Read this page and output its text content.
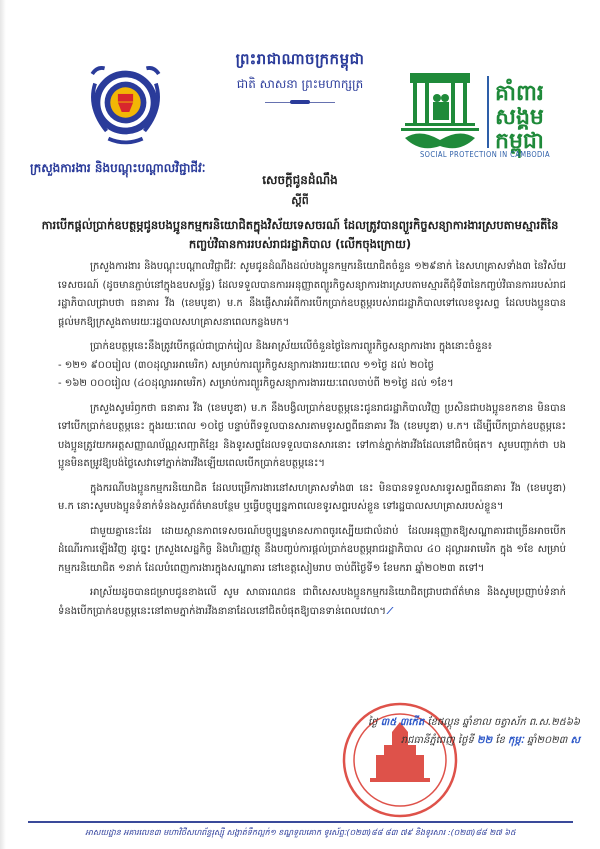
ព្រះរាជាណាចក្រកម្ពុជា
ជាតិ សាសនា ព្រះមហាក្សត្រ	គាំពារ
សង្គម
កម្ពុជា
SOCIAL PROTECTION IN CAMBODIA
ក្រសួងការងារ និងបណ្តុះបណ្តាលវិជ្ជាជីវៈ
សេចក្តីជូនដំណឹង
ស្តីពី
ការបើកផ្តល់ប្រាក់ឧបត្ថម្ភជូនបងប្អូនកម្មករនិយោជិតក្នុងវិស័យទេសចរណ៍ ដែលត្រូវបានព្យួរកិច្ចសន្យាការងារស្របតាមស្មារតីនៃកញ្ចប់វិធានការរបស់រាជរដ្ឋាភិបាល (លើកចុងក្រោយ)

ក្រសួងការងារ និងបណ្តុះបណ្តាលវិជ្ជាជីវៈ សូមជូនដំណឹងដល់បងប្អូនកម្មករនិយោជិតចំនួន ១២៩នាក់ នៃសហគ្រាសទាំង៣ នៃវិស័យទេសចរណ៍ (ដូចមានភ្ជាប់នៅក្នុងឧបសម្ព័ន្ធ) ដែលទទួលបានការអនុញ្ញាតព្យួរកិច្ចសន្យាការងារស្របតាមស្មារតីជុំទី៣នៃកញ្ចប់វិធានការរបស់រាជរដ្ឋាភិបាលជ្រាបថា ធនាគារ វីង (ខេមបូឌា) ម.ក នឹងផ្ញើសារអំពីការបើកប្រាក់ឧបត្ថម្ភរបស់រាជរដ្ឋាភិបាលទៅលេខទូរសព្ទ ដែលបងប្អូនបានផ្តល់មកឱ្យក្រសួងតាមរយៈរដ្ឋបាលសហគ្រាសនាពេលកន្លងមក។

ប្រាក់ឧបត្ថម្ភនេះនឹងត្រូវបើកផ្តល់ជាប្រាក់រៀល និងអាស្រ័យលើចំនួនថ្ងៃនៃការព្យួរកិច្ចសន្យាការងារ ក្នុងនោះចំនួន៖

- ១២១ ៩០០រៀល (៣០ដុល្លារអាមេរិក) សម្រាប់ការព្យួរកិច្ចសន្យាការងាររយៈពេល ១១ថ្ងៃ ដល់ ២០ថ្ងៃ
- ១៦២ ០០០រៀល (៤០ដុល្លារអាមេរិក) សម្រាប់ការព្យួរកិច្ចសន្យាការងាររយៈពេលចាប់ពី ២១ថ្ងៃ ដល់ ១ខែ។

ក្រសួងសូមរំឭកថា ធនាគារ វីង (ខេមបូឌា) ម.ក នឹងបង្វិលប្រាក់ឧបត្ថម្ភនេះជូនរាជរដ្ឋាភិបាលវិញ ប្រសិនជាបងប្អូនខកខាន មិនបានទៅបើកប្រាក់ឧបត្ថម្ភនេះ ក្នុងរយៈពេល ១០ថ្ងៃ បន្ទាប់ពីទទួលបានសារតាមទូរសព្ទពីធនាគារ វីង (ខេមបូឌា) ម.ក។ ដើម្បីបើកប្រាក់ឧបត្ថម្ភនេះ បងប្អូនត្រូវយកអត្តសញ្ញាណប័ណ្ណសញ្ជាតិខ្មែរ និងទូរសព្ទដែលទទួលបានសារនោះ ទៅកាន់ភ្នាក់ងារវីងដែលនៅជិតបំផុត។ សូមបញ្ជាក់ថា បងប្អូនមិនតម្រូវឱ្យបង់ថ្លៃសេវាទៅភ្នាក់ងារវីងឡើយពេលបើកប្រាក់ឧបត្ថម្ភនេះ។

ក្នុងករណីបងប្អូនកម្មករនិយោជិត ដែលបម្រើការងារនៅសហគ្រាសទាំង៣ នេះ មិនបានទទួលសារទូរសព្ទពីធនាគារ វីង (ខេមបូឌា) ម.ក នោះសូមបងប្អូនទំនាក់ទំនងសួរព័ត៌មានបន្ថែម ឬធ្វើបច្ចុប្បន្នភាពលេខទូរសព្ទរបស់ខ្លួន ទៅរដ្ឋបាលសហគ្រាសរបស់ខ្លួន។

ជាមួយគ្នានេះដែរ ដោយស្ថានភាពទេសចរណ៍បច្ចុប្បន្នមានសភាពចូរស្បើយជាលំដាប់ ដែលអនុញ្ញាតឱ្យសណ្ឋាគារជាច្រើនអាចបើកដំណើរការឡើងវិញ ដូច្នេះ ក្រសួងសេដ្ឋកិច្ច និងហិរញ្ញវត្ថុ នឹងបញ្ចប់ការផ្តល់ប្រាក់ឧបត្ថម្ភរាជរដ្ឋាភិបាល ៤០ ដុល្លារអាមេរិក ក្នុង ១ខែ សម្រាប់កម្មករនិយោជិត ១នាក់ ដែលបំពេញការងារក្នុងសណ្ឋាគារ នៅខេត្តសៀមរាប ចាប់ពីថ្ងៃទី១ ខែមករា ឆ្នាំ២០២៣ តទៅ។

អាស្រ័យដូចបានជម្រាបជូនខាងលើ សូម សាធារណជន ជាពិសេសបងប្អូនកម្មករនិយោជិតជ្រាបជាព័ត៌មាន និងសូមប្រញាប់ទំនាក់ទំនងបើកប្រាក់ឧបត្ថម្ភនេះនៅតាមភ្នាក់ងារវីងនានាដែលនៅជិតបំផុតឱ្យបានទាន់ពេលវេលា។ ⁄

ថ្ងៃ ៣៥ ៣កើត ខែផល្គុន ឆ្នាំខាល ចត្វាស័ក ព.ស.២៥៦៦
រាជធានីភ្នំពេញ ថ្ងៃទី ២២ ខែ កុម្ភៈ ឆ្នាំ២០២៣ ស
អាសយដ្ឋាន អគារលេខ៣ មហាវិថីសហព័ន្ធរុស្ស៊ី សង្កាត់ទឹកល្អក់១ ខណ្ឌទួលគោក ទូរស័ព្ទៈ(០២៣)៨៨ ៨៣ ៧៩ និងទូរសារ :(០២៣)៨៨ ២៧ ៦៥
